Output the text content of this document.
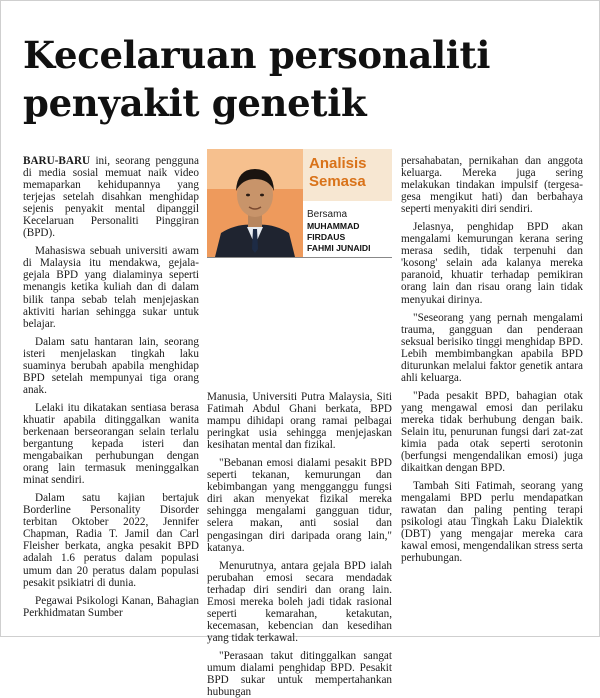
Kecelaruan personaliti
penyakit genetik

BARU-BARU ini, seorang pengguna di media sosial memuat naik video memaparkan kehidupannya yang terjejas setelah disahkan menghidap sejenis penyakit mental dipanggil Kecelaruan Personaliti Pinggiran (BPD).

Mahasiswa sebuah universiti awam di Malaysia itu mendakwa, gejala-gejala BPD yang dialaminya seperti menangis ketika kuliah dan di dalam bilik tanpa sebab telah menjejaskan aktiviti harian sehingga sukar untuk belajar.

Dalam satu hantaran lain, seorang isteri menjelaskan tingkah laku suaminya berubah apabila menghidap BPD setelah mempunyai tiga orang anak.

Lelaki itu dikatakan sentiasa berasa khuatir apabila ditinggalkan wanita berkenaan berseorangan selain terlalu bergantung kepada isteri dan mengabaikan perhubungan dengan orang lain termasuk meninggalkan minat sendiri.

Dalam satu kajian bertajuk Borderline Personality Disorder terbitan Oktober 2022, Jennifer Chapman, Radia T. Jamil dan Carl Fleisher berkata, angka pesakit BPD adalah 1.6 peratus dalam populasi umum dan 20 peratus dalam populasi pesakit psikiatri di dunia.

Pegawai Psikologi Kanan, Bahagian Perkhidmatan Sumber

Analisis
Semasa
Bersama
MUHAMMAD
FIRDAUS
FAHMI JUNAIDI

Manusia, Universiti Putra Malaysia, Siti Fatimah Abdul Ghani berkata, BPD mampu dihidapi orang ramai pelbagai peringkat usia sehingga menjejaskan kesihatan mental dan fizikal.

"Bebanan emosi dialami pesakit BPD seperti tekanan, kemurungan dan kebimbangan yang mengganggu fungsi diri akan menyekat fizikal mereka sehingga mengalami gangguan tidur, selera makan, anti sosial dan pengasingan diri daripada orang lain," katanya.

Menurutnya, antara gejala BPD ialah perubahan emosi secara mendadak terhadap diri sendiri dan orang lain. Emosi mereka boleh jadi tidak rasional seperti kemarahan, ketakutan, kecemasan, kebencian dan kesedihan yang tidak terkawal.

"Perasaan takut ditinggalkan sangat umum dialami penghidap BPD. Pesakit BPD sukar untuk mempertahankan hubungan

persahabatan, pernikahan dan anggota keluarga. Mereka juga sering melakukan tindakan impulsif (tergesa-gesa mengikut hati) dan berbahaya seperti menyakiti diri sendiri.

Jelasnya, penghidap BPD akan mengalami kemurungan kerana sering merasa sedih, tidak terpenuhi dan 'kosong' selain ada kalanya mereka paranoid, khuatir terhadap pemikiran orang lain dan risau orang lain tidak menyukai dirinya.

"Seseorang yang pernah mengalami trauma, gangguan dan penderaan seksual berisiko tinggi menghidap BPD. Lebih membimbangkan apabila BPD diturunkan melalui faktor genetik antara ahli keluarga.

"Pada pesakit BPD, bahagian otak yang mengawal emosi dan perilaku mereka tidak berhubung dengan baik. Selain itu, penurunan fungsi dari zat-zat kimia pada otak seperti serotonin (berfungsi mengendalikan emosi) juga dikaitkan dengan BPD.

Tambah Siti Fatimah, seorang yang mengalami BPD perlu mendapatkan rawatan dan paling penting terapi psikologi atau Tingkah Laku Dialektik (DBT) yang mengajar mereka cara kawal emosi, mengendalikan stress serta perhubungan.
